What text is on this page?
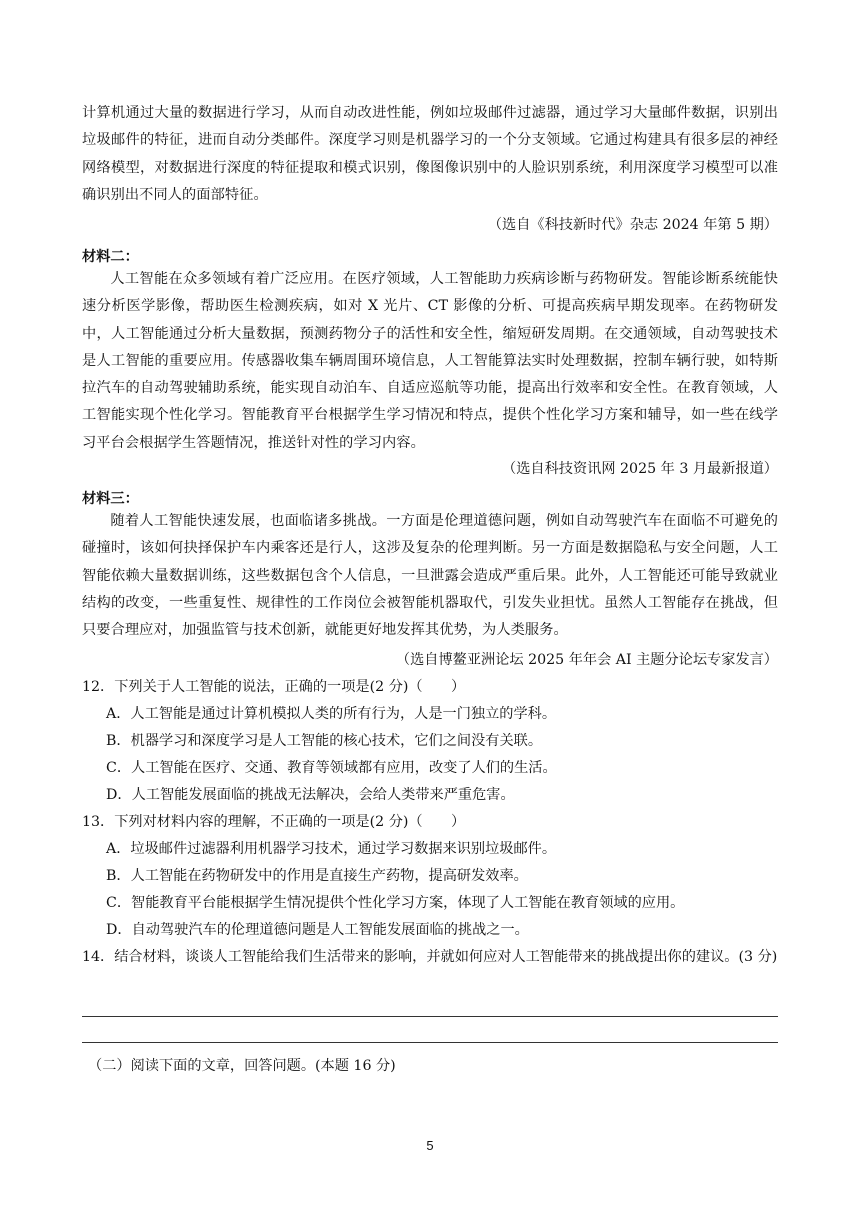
计算机通过大量的数据进行学习，从而自动改进性能，例如垃圾邮件过滤器，通过学习大量邮件数据，识别出垃圾邮件的特征，进而自动分类邮件。深度学习则是机器学习的一个分支领域。它通过构建具有很多层的神经网络模型，对数据进行深度的特征提取和模式识别，像图像识别中的人脸识别系统，利用深度学习模型可以准确识别出不同人的面部特征。

（选自《科技新时代》杂志 2024 年第 5 期）
材料二：

人工智能在众多领域有着广泛应用。在医疗领域，人工智能助力疾病诊断与药物研发。智能诊断系统能快速分析医学影像，帮助医生检测疾病，如对 X 光片、CT 影像的分析、可提高疾病早期发现率。在药物研发中，人工智能通过分析大量数据，预测药物分子的活性和安全性，缩短研发周期。在交通领域，自动驾驶技术是人工智能的重要应用。传感器收集车辆周围环境信息，人工智能算法实时处理数据，控制车辆行驶，如特斯拉汽车的自动驾驶辅助系统，能实现自动泊车、自适应巡航等功能，提高出行效率和安全性。在教育领域，人工智能实现个性化学习。智能教育平台根据学生学习情况和特点，提供个性化学习方案和辅导，如一些在线学习平台会根据学生答题情况，推送针对性的学习内容。

（选自科技资讯网 2025 年 3 月最新报道）
材料三：

随着人工智能快速发展，也面临诸多挑战。一方面是伦理道德问题，例如自动驾驶汽车在面临不可避免的碰撞时，该如何抉择保护车内乘客还是行人，这涉及复杂的伦理判断。另一方面是数据隐私与安全问题，人工智能依赖大量数据训练，这些数据包含个人信息，一旦泄露会造成严重后果。此外，人工智能还可能导致就业结构的改变，一些重复性、规律性的工作岗位会被智能机器取代，引发失业担忧。虽然人工智能存在挑战，但只要合理应对，加强监管与技术创新，就能更好地发挥其优势，为人类服务。

（选自博鳌亚洲论坛 2025 年年会 AI 主题分论坛专家发言）
12．下列关于人工智能的说法，正确的一项是(2 分)（　　）
A．人工智能是通过计算机模拟人类的所有行为，人是一门独立的学科。
B．机器学习和深度学习是人工智能的核心技术，它们之间没有关联。
C．人工智能在医疗、交通、教育等领域都有应用，改变了人们的生活。
D．人工智能发展面临的挑战无法解决，会给人类带来严重危害。
13．下列对材料内容的理解，不正确的一项是(2 分)（　　）
A．垃圾邮件过滤器利用机器学习技术，通过学习数据来识别垃圾邮件。
B．人工智能在药物研发中的作用是直接生产药物，提高研发效率。
C．智能教育平台能根据学生情况提供个性化学习方案，体现了人工智能在教育领域的应用。
D．自动驾驶汽车的伦理道德问题是人工智能发展面临的挑战之一。

14．结合材料，谈谈人工智能给我们生活带来的影响，并就如何应对人工智能带来的挑战提出你的建议。(3 分)

（二）阅读下面的文章，回答问题。(本题 16 分)
5
